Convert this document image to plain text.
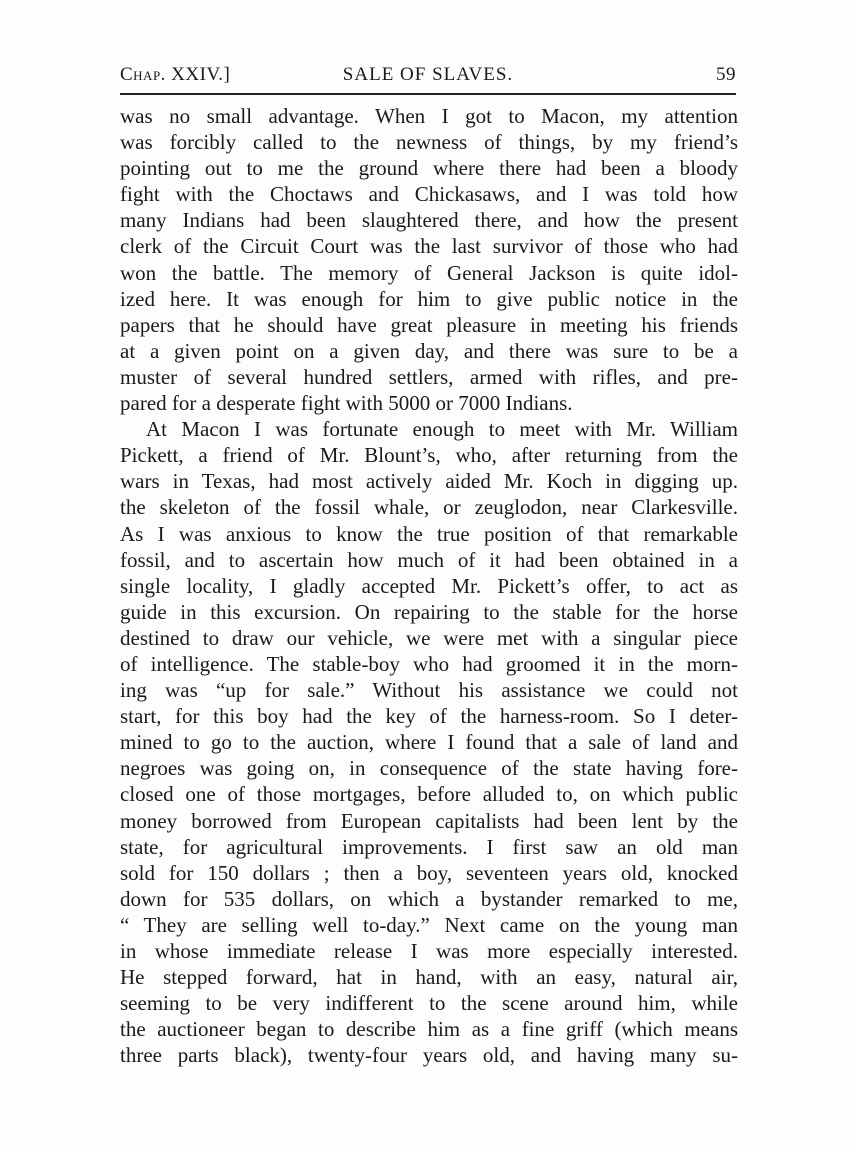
Chap. XXIV.]	SALE OF SLAVES.	59
was no small advantage. When I got to Macon, my attention
was forcibly called to the newness of things, by my friend’s
pointing out to me the ground where there had been a bloody
fight with the Choctaws and Chickasaws, and I was told how
many Indians had been slaughtered there, and how the present
clerk of the Circuit Court was the last survivor of those who had
won the battle. The memory of General Jackson is quite idol-
ized here. It was enough for him to give public notice in the
papers that he should have great pleasure in meeting his friends
at a given point on a given day, and there was sure to be a
muster of several hundred settlers, armed with rifles, and pre-
pared for a desperate fight with 5000 or 7000 Indians.
At Macon I was fortunate enough to meet with Mr. William
Pickett, a friend of Mr. Blount’s, who, after returning from the
wars in Texas, had most actively aided Mr. Koch in digging up.
the skeleton of the fossil whale, or zeuglodon, near Clarkesville.
As I was anxious to know the true position of that remarkable
fossil, and to ascertain how much of it had been obtained in a
single locality, I gladly accepted Mr. Pickett’s offer, to act as
guide in this excursion. On repairing to the stable for the horse
destined to draw our vehicle, we were met with a singular piece
of intelligence. The stable-boy who had groomed it in the morn-
ing was “up for sale.” Without his assistance we could not
start, for this boy had the key of the harness-room. So I deter-
mined to go to the auction, where I found that a sale of land and
negroes was going on, in consequence of the state having fore-
closed one of those mortgages, before alluded to, on which public
money borrowed from European capitalists had been lent by the
state, for agricultural improvements. I first saw an old man
sold for 150 dollars ; then a boy, seventeen years old, knocked
down for 535 dollars, on which a bystander remarked to me,
“ They are selling well to-day.” Next came on the young man
in whose immediate release I was more especially interested.
He stepped forward, hat in hand, with an easy, natural air,
seeming to be very indifferent to the scene around him, while
the auctioneer began to describe him as a fine griff (which means
three parts black), twenty-four years old, and having many su-
